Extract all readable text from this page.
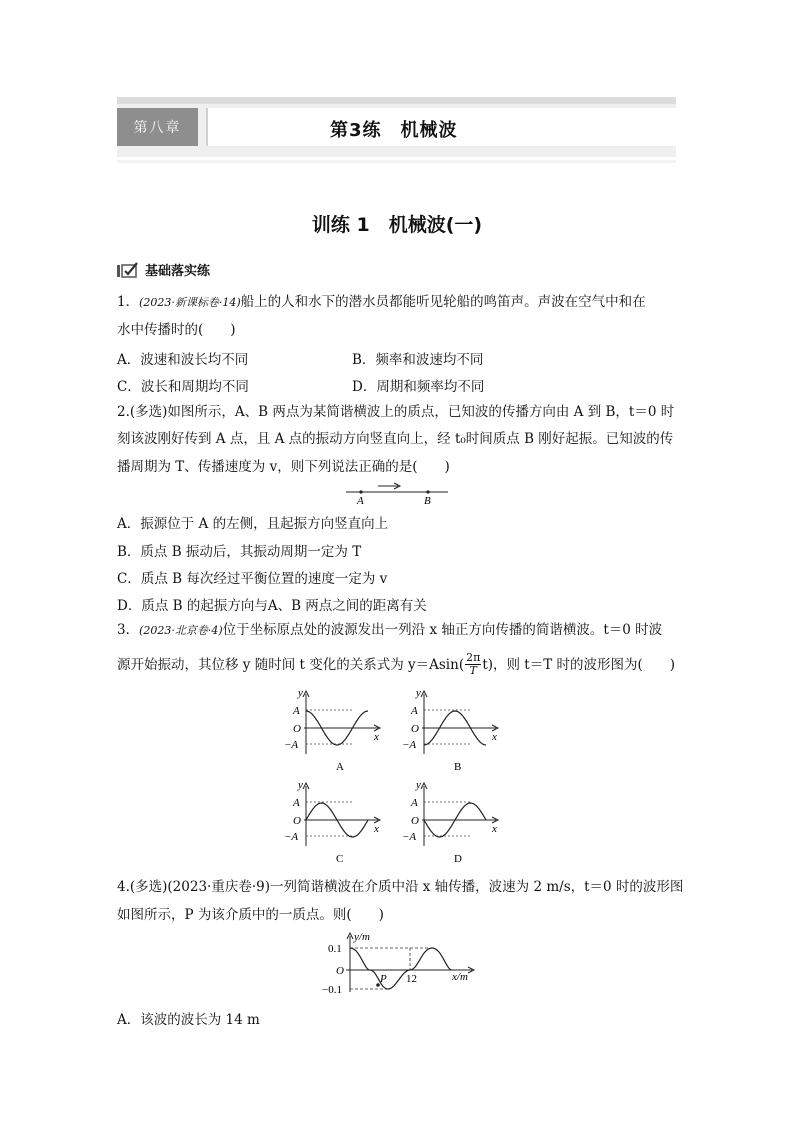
第八章	第3练　机械波
训练 1　机械波(一)
基础落实练
1．(2023·新课标卷·14)船上的人和水下的潜水员都能听见轮船的鸣笛声。声波在空气中和在
水中传播时的(　　)
A．波速和波长均不同	B．频率和波速均不同
C．波长和周期均不同	D．周期和频率均不同
2.(多选)如图所示，A、B 两点为某简谐横波上的质点，已知波的传播方向由 A 到 B，t＝0 时
刻该波刚好传到 A 点，且 A 点的振动方向竖直向上，经 t₀时间质点 B 刚好起振。已知波的传
播周期为 T、传播速度为 v，则下列说法正确的是(　　)
A	B
A．振源位于 A 的左侧，且起振方向竖直向上
B．质点 B 振动后，其振动周期一定为 T
C．质点 B 每次经过平衡位置的速度一定为 v
D．质点 B 的起振方向与A、B 两点之间的距离有关
3．(2023·北京卷·4)位于坐标原点处的波源发出一列沿 x 轴正方向传播的简谐横波。t＝0 时波
源开始振动，其位移 y 随时间 t 变化的关系式为 y＝Asin( 2π
T t)，则 t＝T 时的波形图为(　　)
y
A
O
−A
x
A
y
A
O
−A
x
B
y
A
O
−A
x
C
y
A
O
−A
x
D
4.(多选)(2023·重庆卷·9)一列简谐横波在介质中沿 x 轴传播，波速为 2 m/s，t＝0 时的波形图
如图所示，P 为该介质中的一质点。则(　　)
y/m
0.1
O
−0.1
12	x/m
P
A．该波的波长为 14 m
